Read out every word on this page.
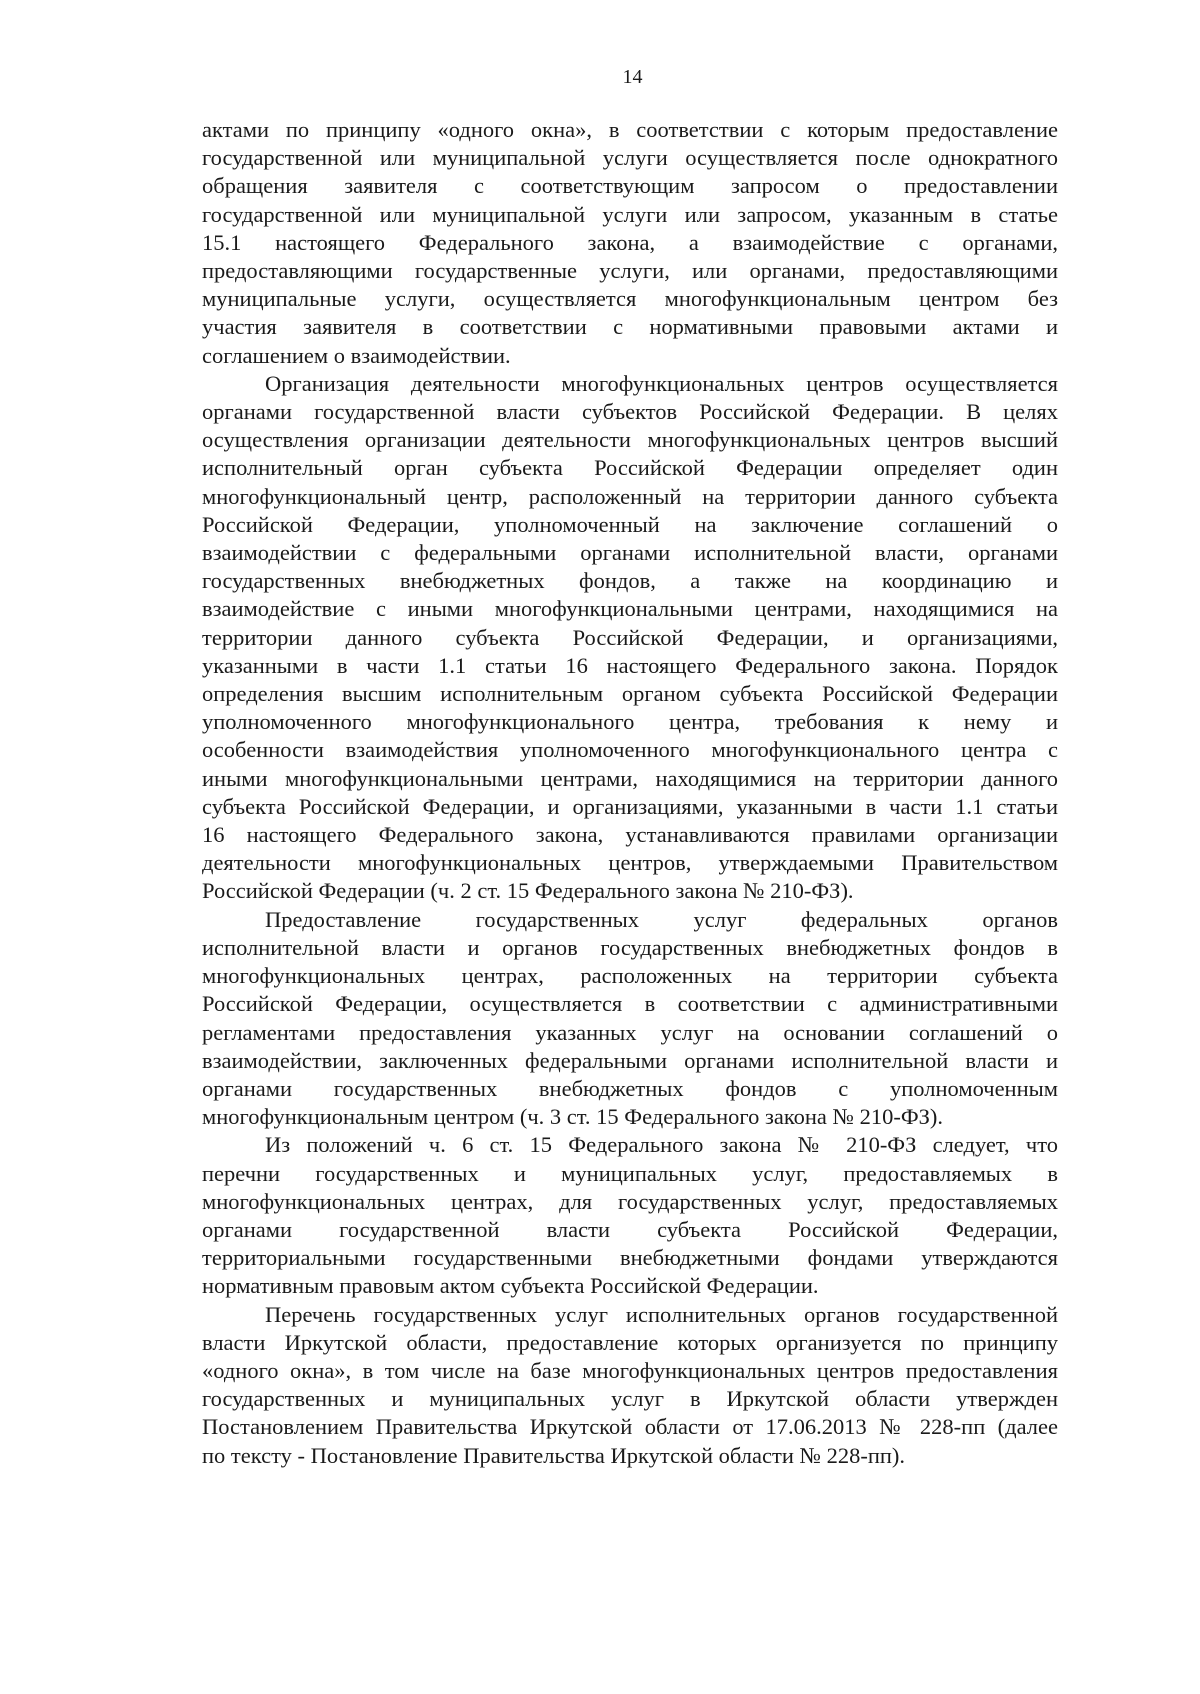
14
актами по принципу «одного окна», в соответствии с которым предоставление
государственной или муниципальной услуги осуществляется после однократного
обращения заявителя с соответствующим запросом о предоставлении
государственной или муниципальной услуги или запросом, указанным в статье
15.1 настоящего Федерального закона, а взаимодействие с органами,
предоставляющими государственные услуги, или органами, предоставляющими
муниципальные услуги, осуществляется многофункциональным центром без
участия заявителя в соответствии с нормативными правовыми актами и
соглашением о взаимодействии.
Организация деятельности многофункциональных центров осуществляется
органами государственной власти субъектов Российской Федерации. В целях
осуществления организации деятельности многофункциональных центров высший
исполнительный орган субъекта Российской Федерации определяет один
многофункциональный центр, расположенный на территории данного субъекта
Российской Федерации, уполномоченный на заключение соглашений о
взаимодействии с федеральными органами исполнительной власти, органами
государственных внебюджетных фондов, а также на координацию и
взаимодействие с иными многофункциональными центрами, находящимися на
территории данного субъекта Российской Федерации, и организациями,
указанными в части 1.1 статьи 16 настоящего Федерального закона. Порядок
определения высшим исполнительным органом субъекта Российской Федерации
уполномоченного многофункционального центра, требования к нему и
особенности взаимодействия уполномоченного многофункционального центра с
иными многофункциональными центрами, находящимися на территории данного
субъекта Российской Федерации, и организациями, указанными в части 1.1 статьи
16 настоящего Федерального закона, устанавливаются правилами организации
деятельности многофункциональных центров, утверждаемыми Правительством
Российской Федерации (ч. 2 ст. 15 Федерального закона № 210-ФЗ).
Предоставление государственных услуг федеральных органов
исполнительной власти и органов государственных внебюджетных фондов в
многофункциональных центрах, расположенных на территории субъекта
Российской Федерации, осуществляется в соответствии с административными
регламентами предоставления указанных услуг на основании соглашений о
взаимодействии, заключенных федеральными органами исполнительной власти и
органами государственных внебюджетных фондов с уполномоченным
многофункциональным центром (ч. 3 ст. 15 Федерального закона № 210-ФЗ).
Из положений ч. 6 ст. 15 Федерального закона № 210-ФЗ следует, что
перечни государственных и муниципальных услуг, предоставляемых в
многофункциональных центрах, для государственных услуг, предоставляемых
органами государственной власти субъекта Российской Федерации,
территориальными государственными внебюджетными фондами утверждаются
нормативным правовым актом субъекта Российской Федерации.
Перечень государственных услуг исполнительных органов государственной
власти Иркутской области, предоставление которых организуется по принципу
«одного окна», в том числе на базе многофункциональных центров предоставления
государственных и муниципальных услуг в Иркутской области утвержден
Постановлением Правительства Иркутской области от 17.06.2013 № 228-пп (далее
по тексту - Постановление Правительства Иркутской области № 228-пп).
